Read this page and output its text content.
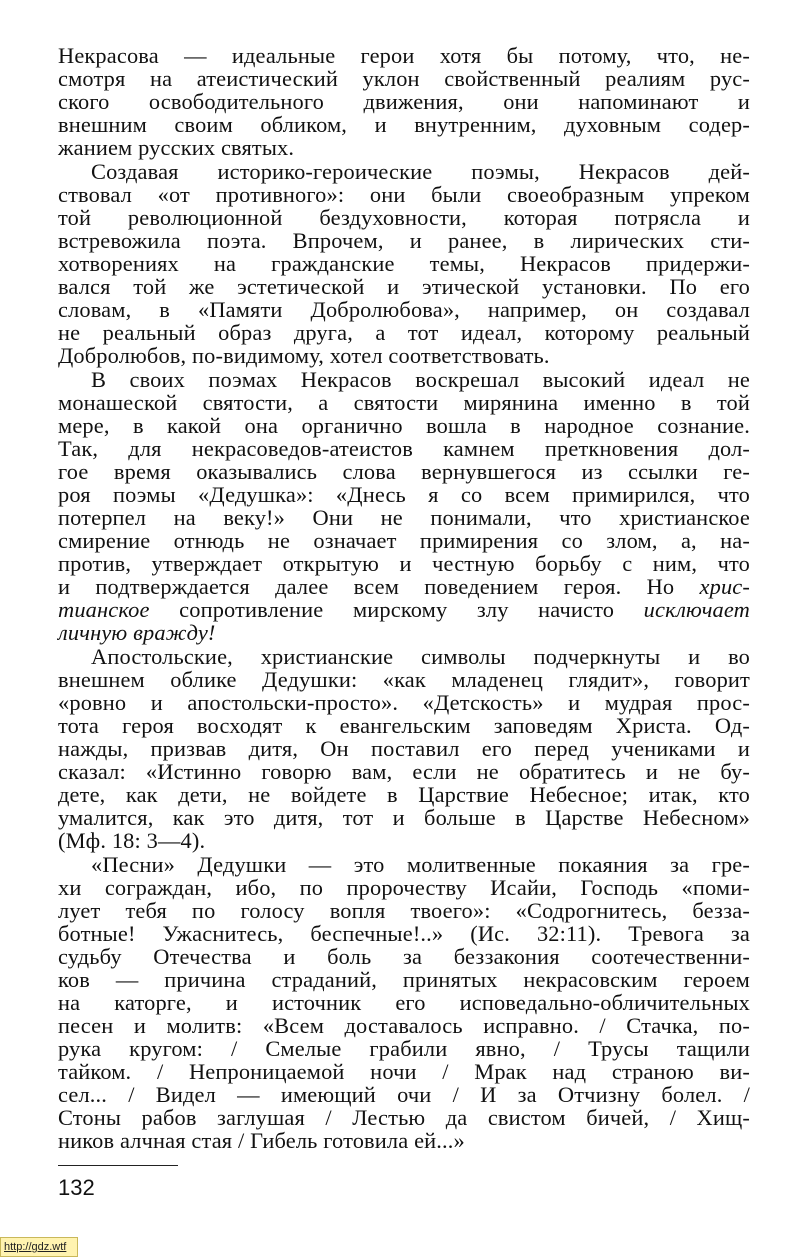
Некрасова — идеальные герои хотя бы потому, что, не-
смотря на атеистический уклон свойственный реалиям рус-
ского освободительного движения, они напоминают и
внешним своим обликом, и внутренним, духовным содер-
жанием русских святых.
Создавая историко-героические поэмы, Некрасов дей-
ствовал «от противного»: они были своеобразным упреком
той революционной бездуховности, которая потрясла и
встревожила поэта. Впрочем, и ранее, в лирических сти-
хотворениях на гражданские темы, Некрасов придержи-
вался той же эстетической и этической установки. По его
словам, в «Памяти Добролюбова», например, он создавал
не реальный образ друга, а тот идеал, которому реальный
Добролюбов, по-видимому, хотел соответствовать.
В своих поэмах Некрасов воскрешал высокий идеал не
монашеской святости, а святости мирянина именно в той
мере, в какой она органично вошла в народное сознание.
Так, для некрасоведов-атеистов камнем преткновения дол-
гое время оказывались слова вернувшегося из ссылки ге-
роя поэмы «Дедушка»: «Днесь я со всем примирился, что
потерпел на веку!» Они не понимали, что христианское
смирение отнюдь не означает примирения со злом, а, на-
против, утверждает открытую и честную борьбу с ним, что
и подтверждается далее всем поведением героя. Но хрис-
тианское сопротивление мирскому злу начисто исключает
личную вражду!
Апостольские, христианские символы подчеркнуты и во
внешнем облике Дедушки: «как младенец глядит», говорит
«ровно и апостольски-просто». «Детскость» и мудрая прос-
тота героя восходят к евангельским заповедям Христа. Од-
нажды, призвав дитя, Он поставил его перед учениками и
сказал: «Истинно говорю вам, если не обратитесь и не бу-
дете, как дети, не войдете в Царствие Небесное; итак, кто
умалится, как это дитя, тот и больше в Царстве Небесном»
(Мф. 18: 3—4).
«Песни» Дедушки — это молитвенные покаяния за гре-
хи сограждан, ибо, по пророчеству Исайи, Господь «поми-
лует тебя по голосу вопля твоего»: «Содрогнитесь, безза-
ботные! Ужаснитесь, беспечные!..» (Ис. 32:11). Тревога за
судьбу Отечества и боль за беззакония соотечественни-
ков — причина страданий, принятых некрасовским героем
на каторге, и источник его исповедально-обличительных
песен и молитв: «Всем доставалось исправно. / Стачка, по-
рука кругом: / Смелые грабили явно, / Трусы тащили
тайком. / Непроницаемой ночи / Мрак над страною ви-
сел... / Видел — имеющий очи / И за Отчизну болел. /
Стоны рабов заглушая / Лестью да свистом бичей, / Хищ-
ников алчная стая / Гибель готовила ей...»
132
http://gdz.wtf
